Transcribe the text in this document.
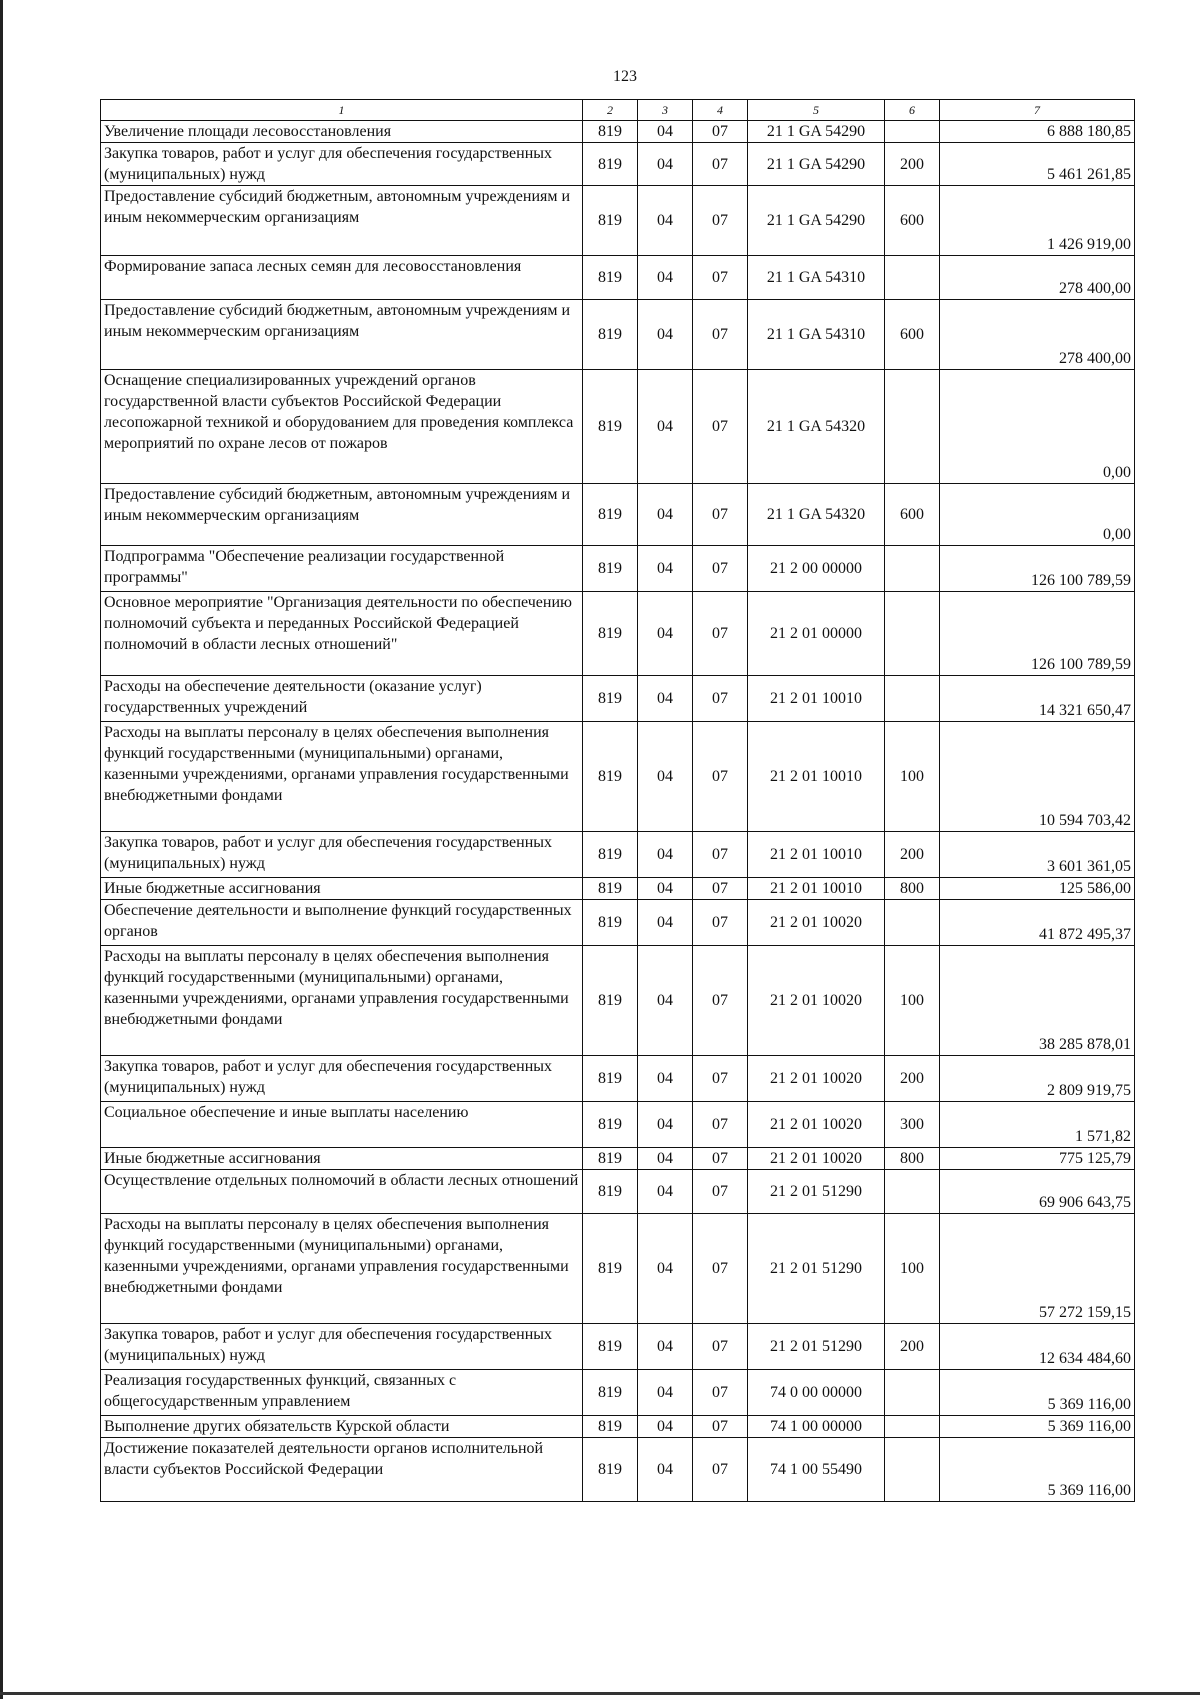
123
1	2	3	4	5	6	7
Увеличение площади лесовосстановления	819	04	07	21 1 GA 54290		6 888 180,85
Закупка товаров, работ и услуг для обеспечения государственных (муниципальных) нужд	819	04	07	21 1 GA 54290	200	5 461 261,85
Предоставление субсидий бюджетным, автономным учреждениям и иным некоммерческим организациям	819	04	07	21 1 GA 54290	600	1 426 919,00
Формирование запаса лесных семян для лесовосстановления	819	04	07	21 1 GA 54310		278 400,00
Предоставление субсидий бюджетным, автономным учреждениям и иным некоммерческим организациям	819	04	07	21 1 GA 54310	600	278 400,00
Оснащение специализированных учреждений органов государственной власти субъектов Российской Федерации лесопожарной техникой и оборудованием для проведения комплекса мероприятий по охране лесов от пожаров	819	04	07	21 1 GA 54320		0,00
Предоставление субсидий бюджетным, автономным учреждениям и иным некоммерческим организациям	819	04	07	21 1 GA 54320	600	0,00
Подпрограмма "Обеспечение реализации государственной программы"	819	04	07	21 2 00 00000		126 100 789,59
Основное мероприятие "Организация деятельности по обеспечению полномочий субъекта и переданных Российской Федерацией полномочий в области лесных отношений"	819	04	07	21 2 01 00000		126 100 789,59
Расходы на обеспечение деятельности (оказание услуг) государственных учреждений	819	04	07	21 2 01 10010		14 321 650,47
Расходы на выплаты персоналу в целях обеспечения выполнения функций государственными (муниципальными) органами, казенными учреждениями, органами управления государственными внебюджетными фондами	819	04	07	21 2 01 10010	100	10 594 703,42
Закупка товаров, работ и услуг для обеспечения государственных (муниципальных) нужд	819	04	07	21 2 01 10010	200	3 601 361,05
Иные бюджетные ассигнования	819	04	07	21 2 01 10010	800	125 586,00
Обеспечение деятельности и выполнение функций государственных органов	819	04	07	21 2 01 10020		41 872 495,37
Расходы на выплаты персоналу в целях обеспечения выполнения функций государственными (муниципальными) органами, казенными учреждениями, органами управления государственными внебюджетными фондами	819	04	07	21 2 01 10020	100	38 285 878,01
Закупка товаров, работ и услуг для обеспечения государственных (муниципальных) нужд	819	04	07	21 2 01 10020	200	2 809 919,75
Социальное обеспечение и иные выплаты населению	819	04	07	21 2 01 10020	300	1 571,82
Иные бюджетные ассигнования	819	04	07	21 2 01 10020	800	775 125,79
Осуществление отдельных полномочий в области лесных отношений	819	04	07	21 2 01 51290		69 906 643,75
Расходы на выплаты персоналу в целях обеспечения выполнения функций государственными (муниципальными) органами, казенными учреждениями, органами управления государственными внебюджетными фондами	819	04	07	21 2 01 51290	100	57 272 159,15
Закупка товаров, работ и услуг для обеспечения государственных (муниципальных) нужд	819	04	07	21 2 01 51290	200	12 634 484,60
Реализация государственных функций, связанных с общегосударственным управлением	819	04	07	74 0 00 00000		5 369 116,00
Выполнение других обязательств Курской области	819	04	07	74 1 00 00000		5 369 116,00
Достижение показателей деятельности органов исполнительной власти субъектов Российской Федерации	819	04	07	74 1 00 55490		5 369 116,00
